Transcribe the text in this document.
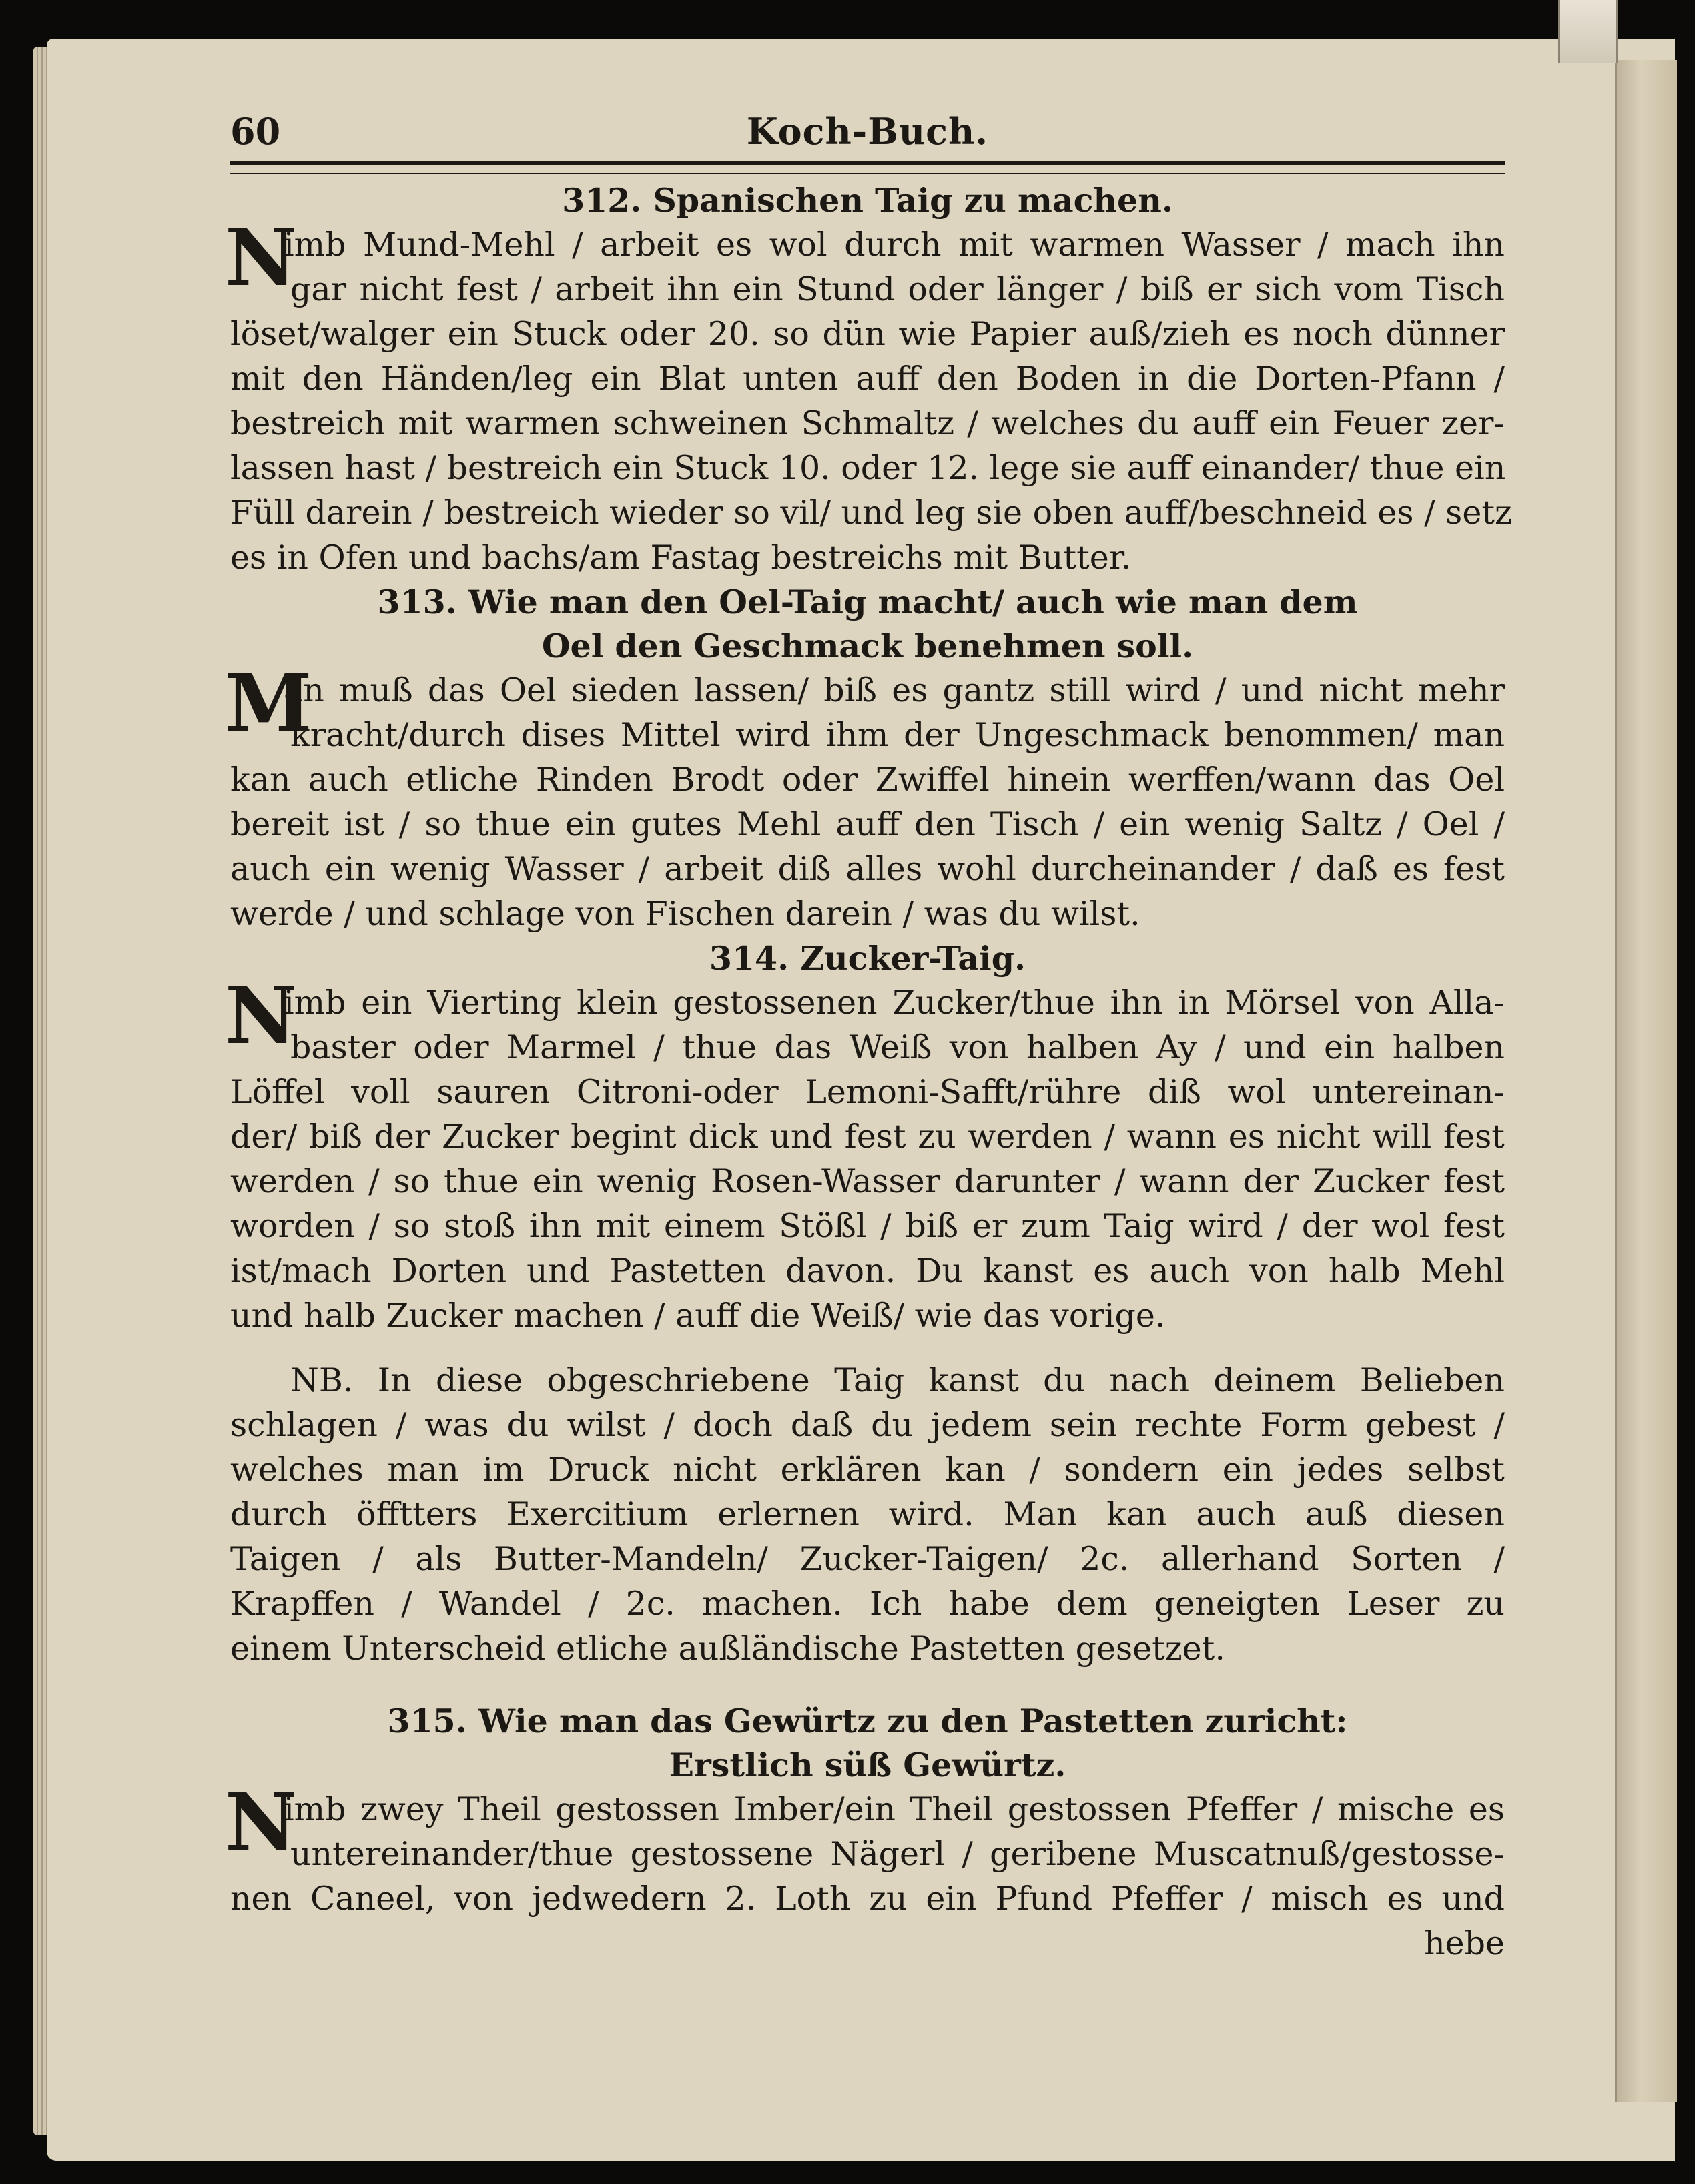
60	Koch-Buch.
312. Spanischen Taig zu machen.
N
imb Mund-Mehl / arbeit es wol durch mit warmen Wasser / mach ihn
gar nicht fest / arbeit ihn ein Stund oder länger / biß er sich vom Tisch
löset/walger ein Stuck oder 20. so dün wie Papier auß/zieh es noch dünner
mit den Händen/leg ein Blat unten auff den Boden in die Dorten-Pfann /
bestreich mit warmen schweinen Schmaltz / welches du auff ein Feuer zer-
lassen hast / bestreich ein Stuck 10. oder 12. lege sie auff einander/ thue ein
Füll darein / bestreich wieder so vil/ und leg sie oben auff/beschneid es / setz
es in Ofen und bachs/am Fastag bestreichs mit Butter.
313. Wie man den Oel-Taig macht/ auch wie man dem
Oel den Geschmack benehmen soll.
M
an muß das Oel sieden lassen/ biß es gantz still wird / und nicht mehr
kracht/durch dises Mittel wird ihm der Ungeschmack benommen/ man
kan auch etliche Rinden Brodt oder Zwiffel hinein werffen/wann das Oel
bereit ist / so thue ein gutes Mehl auff den Tisch / ein wenig Saltz / Oel /
auch ein wenig Wasser / arbeit diß alles wohl durcheinander / daß es fest
werde / und schlage von Fischen darein / was du wilst.
314. Zucker-Taig.
N
imb ein Vierting klein gestossenen Zucker/thue ihn in Mörsel von Alla-
baster oder Marmel / thue das Weiß von halben Ay / und ein halben
Löffel voll sauren Citroni-oder Lemoni-Safft/rühre diß wol untereinan-
der/ biß der Zucker begint dick und fest zu werden / wann es nicht will fest
werden / so thue ein wenig Rosen-Wasser darunter / wann der Zucker fest
worden / so stoß ihn mit einem Stößl / biß er zum Taig wird / der wol fest
ist/mach Dorten und Pastetten davon. Du kanst es auch von halb Mehl
und halb Zucker machen / auff die Weiß/ wie das vorige.
NB. In diese obgeschriebene Taig kanst du nach deinem Belieben
schlagen / was du wilst / doch daß du jedem sein rechte Form gebest /
welches man im Druck nicht erklären kan / sondern ein jedes selbst
durch öfftters Exercitium erlernen wird. Man kan auch auß diesen
Taigen / als Butter-Mandeln/ Zucker-Taigen/ 2c. allerhand Sorten /
Krapffen / Wandel / 2c. machen. Ich habe dem geneigten Leser zu
einem Unterscheid etliche außländische Pastetten gesetzet.
315. Wie man das Gewürtz zu den Pastetten zuricht:
Erstlich süß Gewürtz.
N
imb zwey Theil gestossen Imber/ein Theil gestossen Pfeffer / mische es
untereinander/thue gestossene Nägerl / geribene Muscatnuß/gestosse-
nen Caneel, von jedwedern 2. Loth zu ein Pfund Pfeffer / misch es und
hebe
